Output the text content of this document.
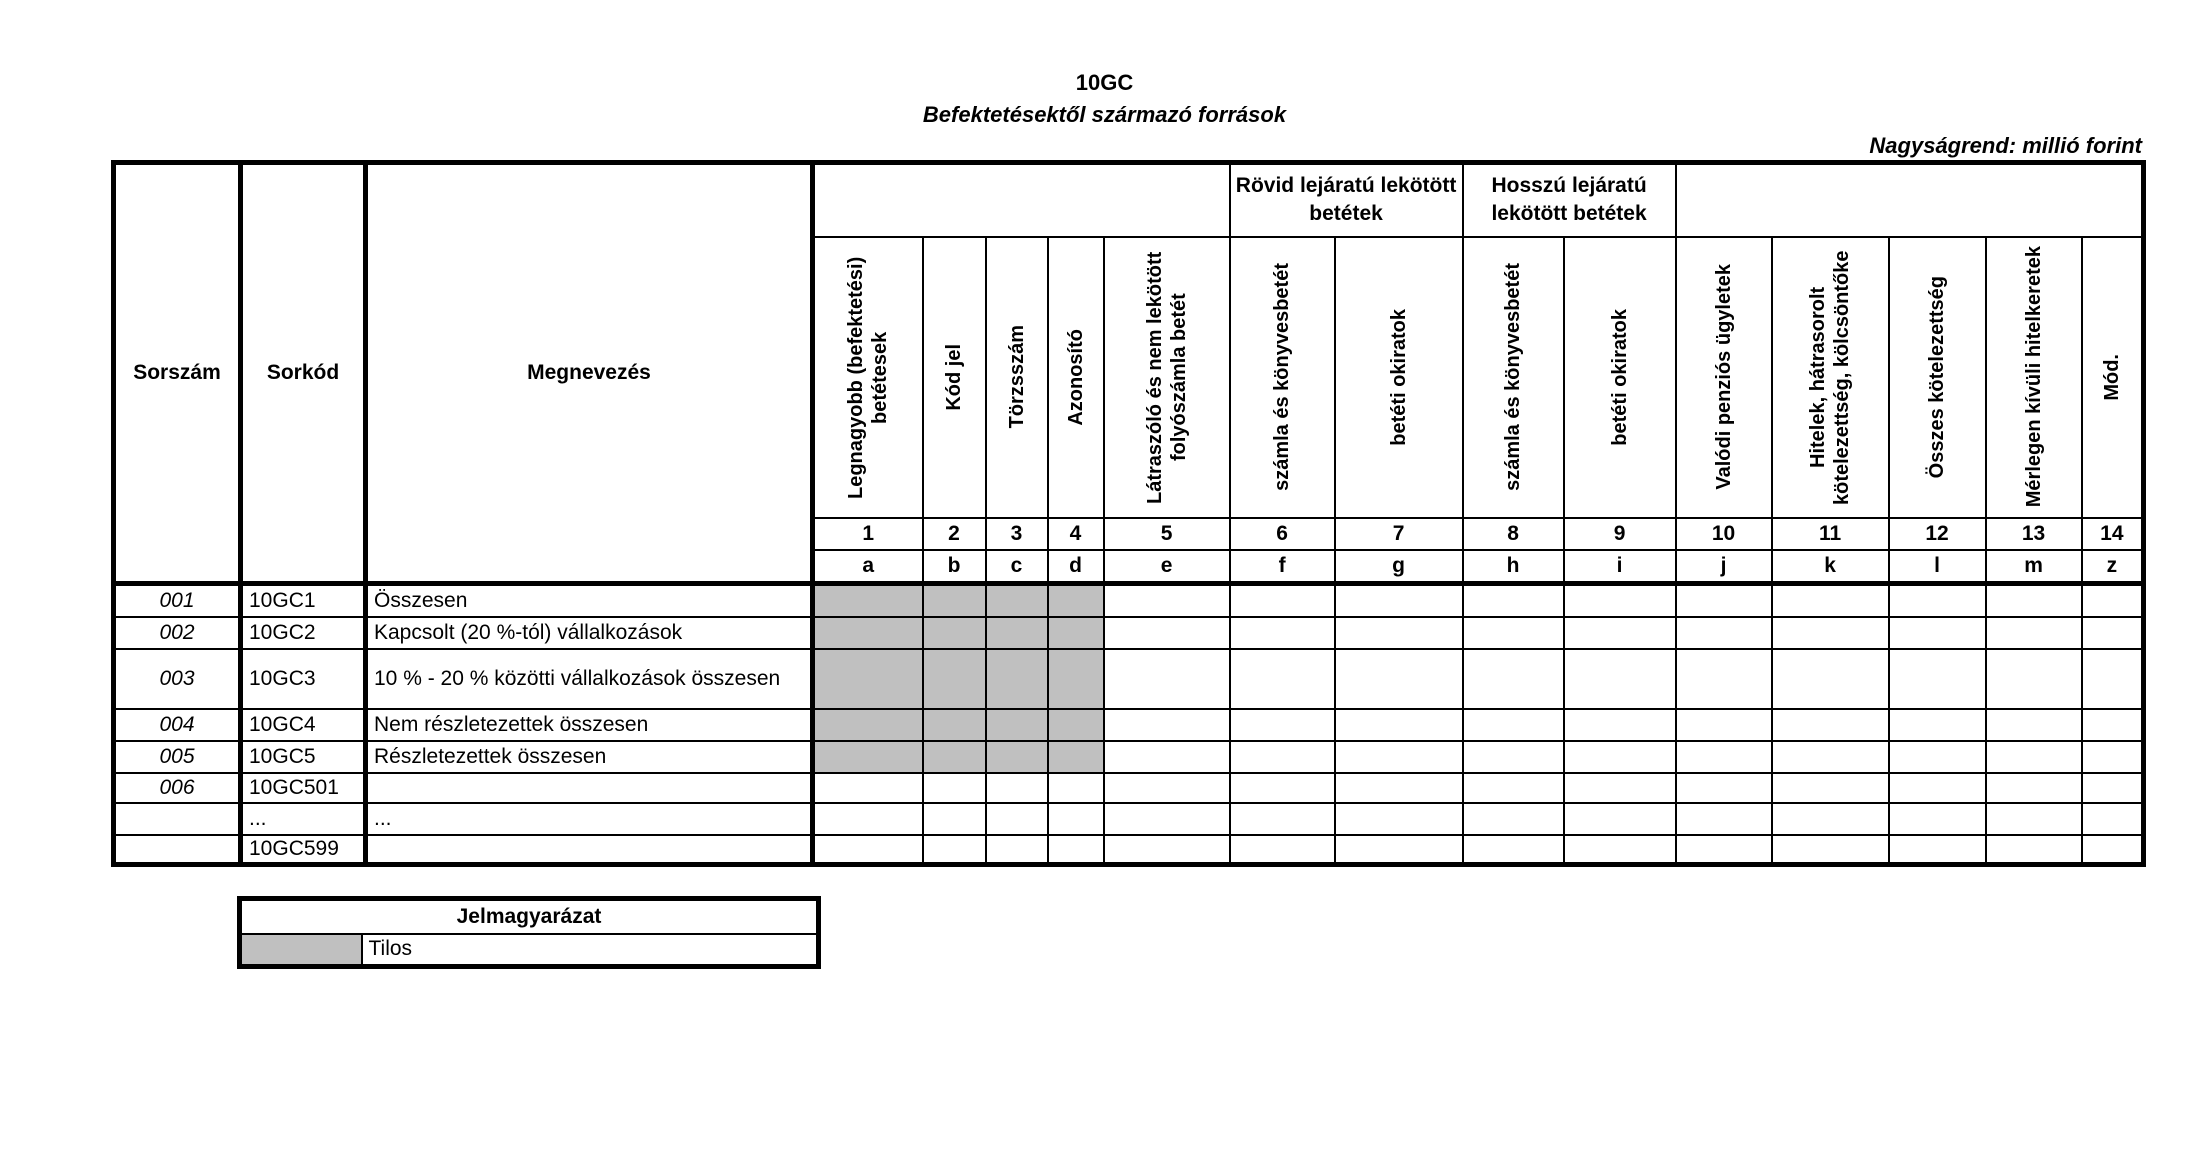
10GC
Befektetésektől származó források
Nagyságrend: millió forint
Sorszám	Sorkód	Megnevezés						Rövid lejáratú lekötött betétek		Hosszú lejáratú lekötött betétek						

			Legnagyobb (befektetési) betétesek	Kód jel	Törzsszám	Azonosító	Látraszóló és nem lekötött folyószámla betét	számla és könyvesbetét	betéti okiratok	számla és könyvesbetét	betéti okiratok	Valódi penziós ügyletek	Hitelek, hátrasorolt kötelezettség, kölcsöntőke	Összes kötelezettség	Mérlegen kívüli hitelkeretek	Mód.

			1	2	3	4	5	6	7	8	9	10	11	12	13	14
			a	b	c	d	e	f	g	h	i	j	k	l	m	z
001	10GC1	Összesen														
002	10GC2	Kapcsolt (20 %-tól) vállalkozások														
003	10GC3	10 % - 20 % közötti vállalkozások összesen														
004	10GC4	Nem részletezettek összesen														
005	10GC5	Részletezettek összesen														
006	10GC501															
	...	...														
	10GC599															
Jelmagyarázat
	Tilos
